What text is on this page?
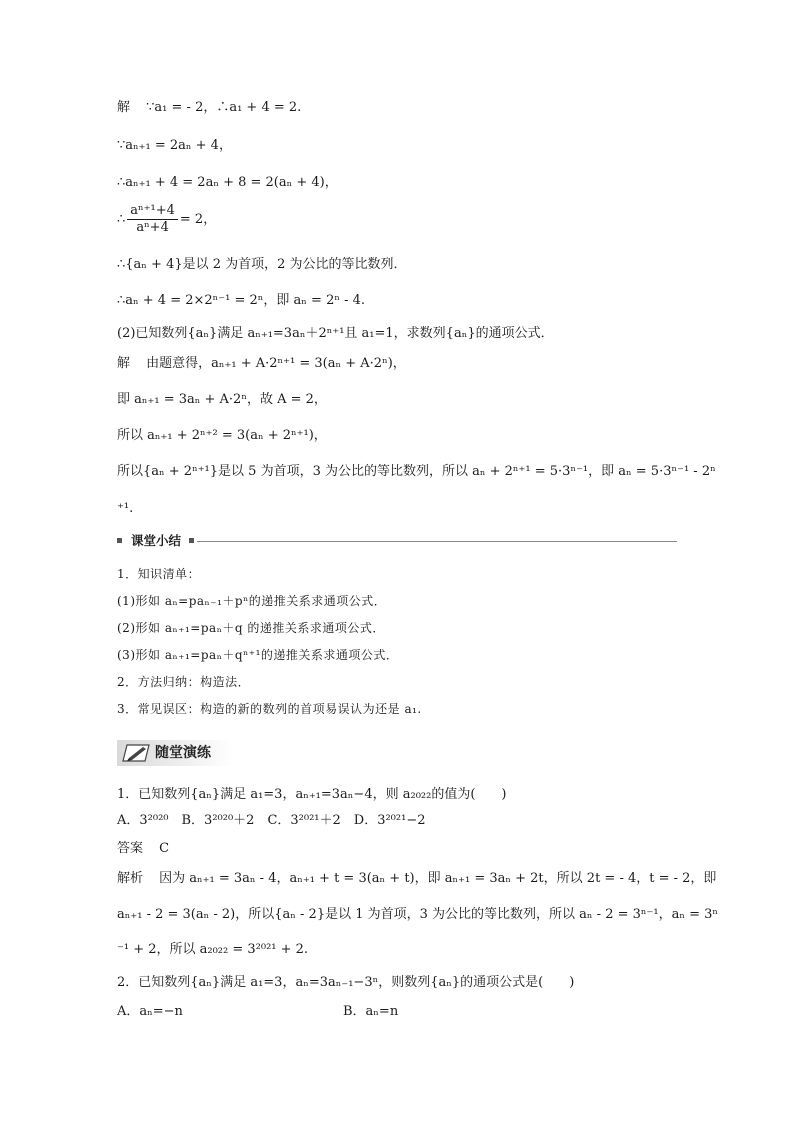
解 ∵a₁ = - 2，∴a₁ + 4 = 2.
∵aₙ₊₁ = 2aₙ + 4，
∴aₙ₊₁ + 4 = 2aₙ + 8 = 2(aₙ + 4)，
∴ $\frac{\text{aⁿ⁺¹+4}}{\text{aⁿ+4}} = 2$，
∴{aₙ + 4}是以 2 为首项，2 为公比的等比数列．
∴aₙ + 4 = 2×2ⁿ⁻¹ = 2ⁿ，即 aₙ = 2ⁿ - 4.
(2)已知数列{aₙ}满足 aₙ₊₁=3aₙ＋2ⁿ⁺¹且 a₁=1，求数列{aₙ}的通项公式．
解 由题意得，aₙ₊₁ + A·2ⁿ⁺¹ = 3(aₙ + A·2ⁿ)，
即 aₙ₊₁ = 3aₙ + A·2ⁿ，故 A = 2，
所以 aₙ₊₁ + 2ⁿ⁺² = 3(aₙ + 2ⁿ⁺¹)，
所以{aₙ + 2ⁿ⁺¹}是以 5 为首项，3 为公比的等比数列，所以 aₙ + 2ⁿ⁺¹ = 5·3ⁿ⁻¹，即 aₙ = 5·3ⁿ⁻¹ - 2ⁿ
⁺¹.
课堂小结
1．知识清单：
(1)形如 aₙ=paₙ₋₁＋pⁿ的递推关系求通项公式．
(2)形如 aₙ₊₁=paₙ＋q 的递推关系求通项公式．
(3)形如 aₙ₊₁=paₙ＋qⁿ⁺¹的递推关系求通项公式．
2．方法归纳：构造法．
3．常见误区：构造的新的数列的首项易误认为还是 a₁.
随堂演练
1．已知数列{aₙ}满足 a₁=3，aₙ₊₁=3aₙ−4，则 a₂₀₂₂的值为(　　)
A．3²⁰²⁰　B．3²⁰²⁰＋2　C．3²⁰²¹＋2　D．3²⁰²¹−2
答案 C
解析 因为 aₙ₊₁ = 3aₙ - 4，aₙ₊₁ + t = 3(aₙ + t)，即 aₙ₊₁ = 3aₙ + 2t，所以 2t = - 4，t = - 2，即
aₙ₊₁ - 2 = 3(aₙ - 2)，所以{aₙ - 2}是以 1 为首项，3 为公比的等比数列，所以 aₙ - 2 = 3ⁿ⁻¹，aₙ = 3ⁿ
⁻¹ + 2，所以 a₂₀₂₂ = 3²⁰²¹ + 2.
2．已知数列{aₙ}满足 a₁=3，aₙ=3aₙ₋₁−3ⁿ，则数列{aₙ}的通项公式是(　　)
A．aₙ=−n	B．aₙ=n
